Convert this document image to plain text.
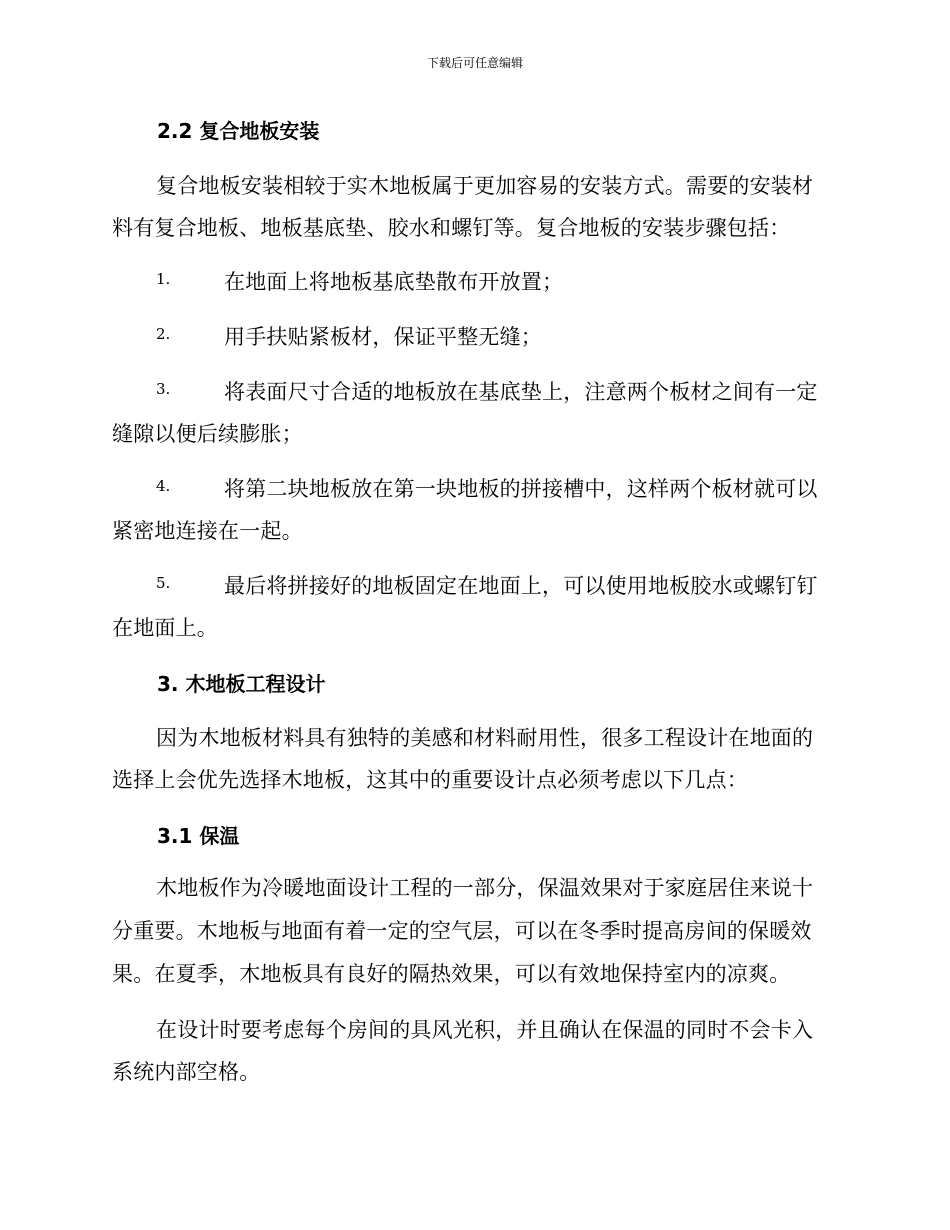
下载后可任意编辑
2.2 复合地板安装
复合地板安装相较于实木地板属于更加容易的安装方式。需要的安装材
料有复合地板、地板基底垫、胶水和螺钉等。复合地板的安装步骤包括：
1.	在地面上将地板基底垫散布开放置；
2.	用手扶贴紧板材，保证平整无缝；
3.	将表面尺寸合适的地板放在基底垫上，注意两个板材之间有一定
缝隙以便后续膨胀；
4.	将第二块地板放在第一块地板的拼接槽中，这样两个板材就可以
紧密地连接在一起。
5.	最后将拼接好的地板固定在地面上，可以使用地板胶水或螺钉钉
在地面上。
3. 木地板工程设计
因为木地板材料具有独特的美感和材料耐用性，很多工程设计在地面的
选择上会优先选择木地板，这其中的重要设计点必须考虑以下几点：
3.1 保温
木地板作为冷暖地面设计工程的一部分，保温效果对于家庭居住来说十
分重要。木地板与地面有着一定的空气层，可以在冬季时提高房间的保暖效
果。在夏季，木地板具有良好的隔热效果，可以有效地保持室内的凉爽。
在设计时要考虑每个房间的具风光积，并且确认在保温的同时不会卡入
系统内部空格。
